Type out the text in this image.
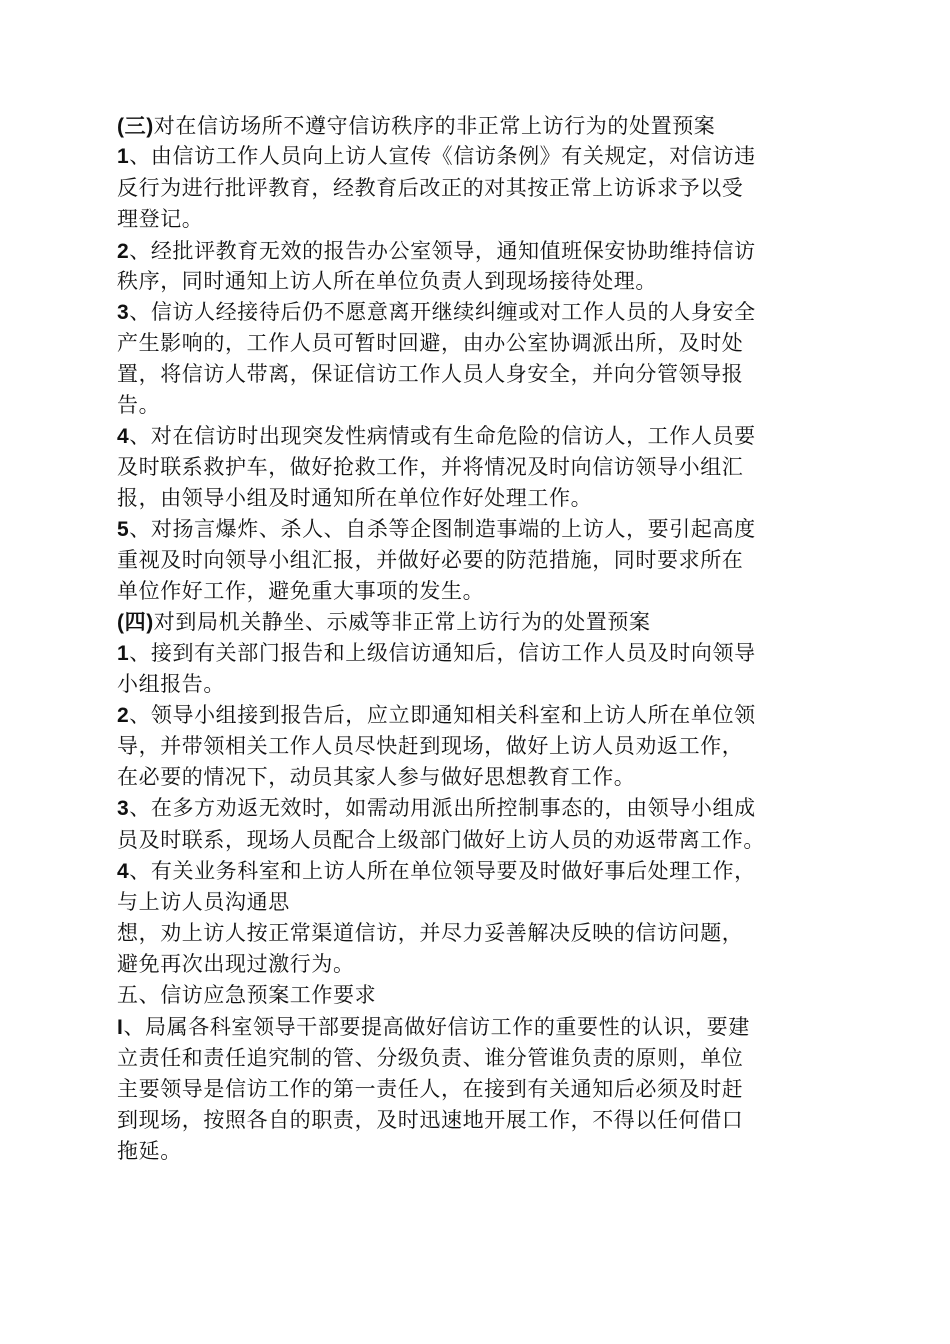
(三)对在信访场所不遵守信访秩序的非正常上访行为的处置预案
1、由信访工作人员向上访人宣传《信访条例》有关规定，对信访违
反行为进行批评教育，经教育后改正的对其按正常上访诉求予以受
理登记。
2、经批评教育无效的报告办公室领导，通知值班保安协助维持信访
秩序，同时通知上访人所在单位负责人到现场接待处理。
3、信访人经接待后仍不愿意离开继续纠缠或对工作人员的人身安全
产生影响的，工作人员可暂时回避，由办公室协调派出所，及时处
置，将信访人带离，保证信访工作人员人身安全，并向分管领导报
告。
4、对在信访时出现突发性病情或有生命危险的信访人，工作人员要
及时联系救护车，做好抢救工作，并将情况及时向信访领导小组汇
报，由领导小组及时通知所在单位作好处理工作。
5、对扬言爆炸、杀人、自杀等企图制造事端的上访人，要引起高度
重视及时向领导小组汇报，并做好必要的防范措施，同时要求所在
单位作好工作，避免重大事项的发生。
(四)对到局机关静坐、示威等非正常上访行为的处置预案
1、接到有关部门报告和上级信访通知后，信访工作人员及时向领导
小组报告。
2、领导小组接到报告后，应立即通知相关科室和上访人所在单位领
导，并带领相关工作人员尽快赶到现场，做好上访人员劝返工作，
在必要的情况下，动员其家人参与做好思想教育工作。
3、在多方劝返无效时，如需动用派出所控制事态的，由领导小组成
员及时联系，现场人员配合上级部门做好上访人员的劝返带离工作。
4、有关业务科室和上访人所在单位领导要及时做好事后处理工作，
与上访人员沟通思
想，劝上访人按正常渠道信访，并尽力妥善解决反映的信访问题，
避免再次出现过激行为。
五、信访应急预案工作要求
I、局属各科室领导干部要提高做好信访工作的重要性的认识，要建
立责任和责任追究制的管、分级负责、谁分管谁负责的原则，单位
主要领导是信访工作的第一责任人，在接到有关通知后必须及时赶
到现场，按照各自的职责，及时迅速地开展工作，不得以任何借口
拖延。
